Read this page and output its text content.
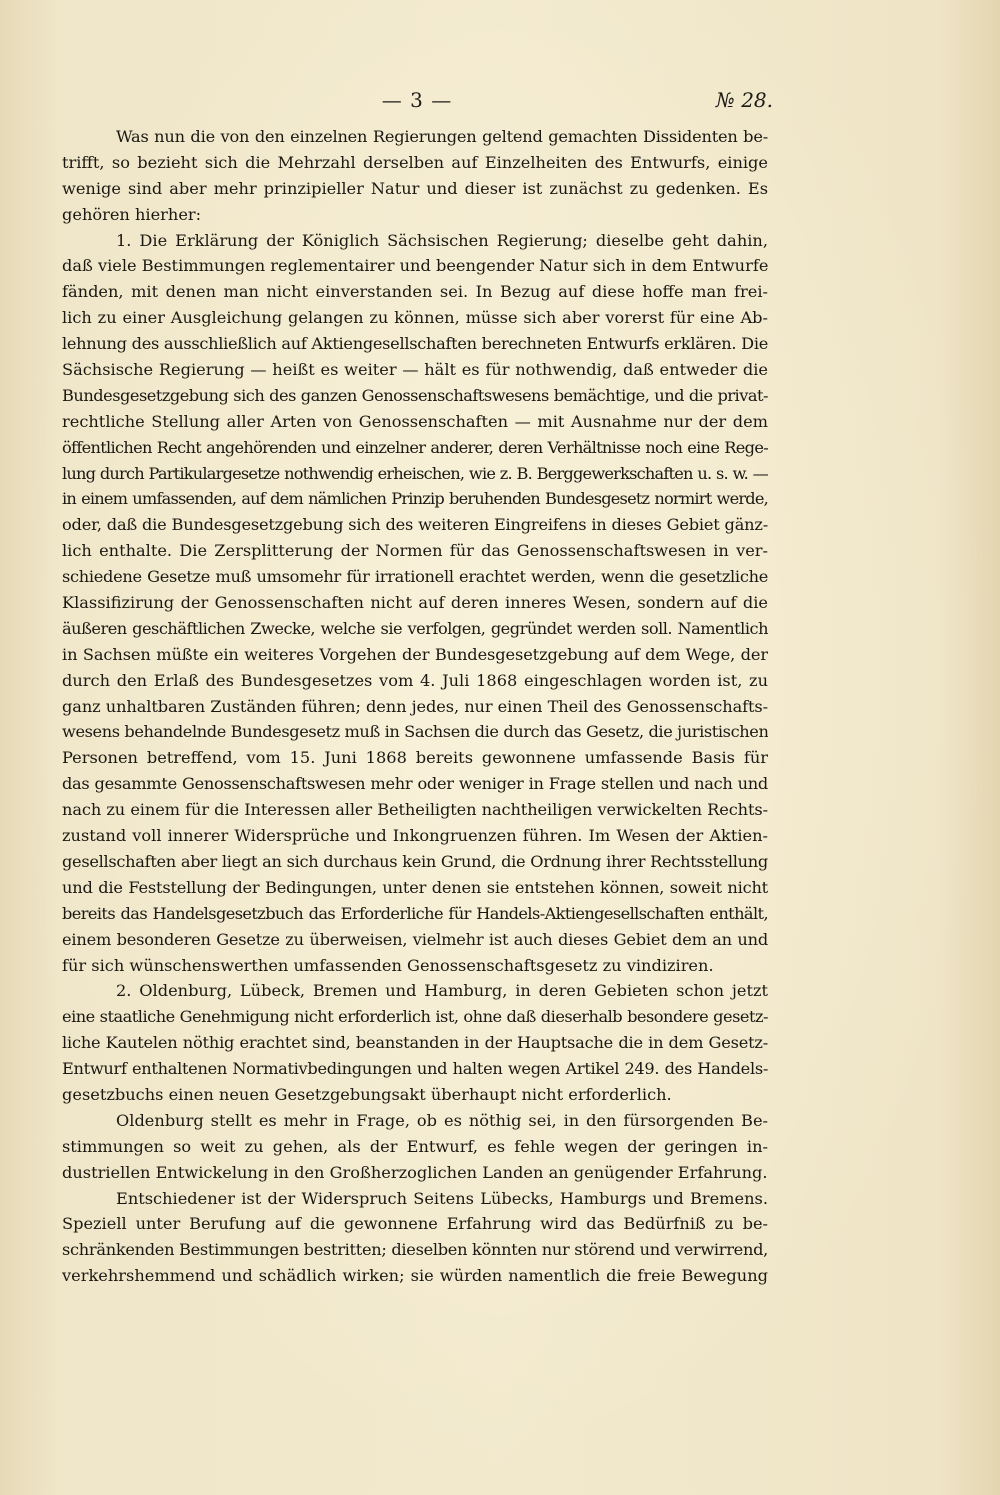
— 3 —	№ 28.
Was nun die von den einzelnen Regierungen geltend gemachten Dissidenten be-
trifft, so bezieht sich die Mehrzahl derselben auf Einzelheiten des Entwurfs, einige
wenige sind aber mehr prinzipieller Natur und dieser ist zunächst zu gedenken. Es
gehören hierher:
1. Die Erklärung der Königlich Sächsischen Regierung; dieselbe geht dahin,
daß viele Bestimmungen reglementairer und beengender Natur sich in dem Entwurfe
fänden, mit denen man nicht einverstanden sei. In Bezug auf diese hoffe man frei-
lich zu einer Ausgleichung gelangen zu können, müsse sich aber vorerst für eine Ab-
lehnung des ausschließlich auf Aktiengesellschaften berechneten Entwurfs erklären. Die
Sächsische Regierung — heißt es weiter — hält es für nothwendig, daß entweder die
Bundesgesetzgebung sich des ganzen Genossenschaftswesens bemächtige, und die privat-
rechtliche Stellung aller Arten von Genossenschaften — mit Ausnahme nur der dem
öffentlichen Recht angehörenden und einzelner anderer, deren Verhältnisse noch eine Rege-
lung durch Partikulargesetze nothwendig erheischen, wie z. B. Berggewerkschaften u. s. w. —
in einem umfassenden, auf dem nämlichen Prinzip beruhenden Bundesgesetz normirt werde,
oder, daß die Bundesgesetzgebung sich des weiteren Eingreifens in dieses Gebiet gänz-
lich enthalte. Die Zersplitterung der Normen für das Genossenschaftswesen in ver-
schiedene Gesetze muß umsomehr für irrationell erachtet werden, wenn die gesetzliche
Klassifizirung der Genossenschaften nicht auf deren inneres Wesen, sondern auf die
äußeren geschäftlichen Zwecke, welche sie verfolgen, gegründet werden soll. Namentlich
in Sachsen müßte ein weiteres Vorgehen der Bundesgesetzgebung auf dem Wege, der
durch den Erlaß des Bundesgesetzes vom 4. Juli 1868 eingeschlagen worden ist, zu
ganz unhaltbaren Zuständen führen; denn jedes, nur einen Theil des Genossenschafts-
wesens behandelnde Bundesgesetz muß in Sachsen die durch das Gesetz, die juristischen
Personen betreffend, vom 15. Juni 1868 bereits gewonnene umfassende Basis für
das gesammte Genossenschaftswesen mehr oder weniger in Frage stellen und nach und
nach zu einem für die Interessen aller Betheiligten nachtheiligen verwickelten Rechts-
zustand voll innerer Widersprüche und Inkongruenzen führen. Im Wesen der Aktien-
gesellschaften aber liegt an sich durchaus kein Grund, die Ordnung ihrer Rechtsstellung
und die Feststellung der Bedingungen, unter denen sie entstehen können, soweit nicht
bereits das Handelsgesetzbuch das Erforderliche für Handels-Aktiengesellschaften enthält,
einem besonderen Gesetze zu überweisen, vielmehr ist auch dieses Gebiet dem an und
für sich wünschenswerthen umfassenden Genossenschaftsgesetz zu vindiziren.
2. Oldenburg, Lübeck, Bremen und Hamburg, in deren Gebieten schon jetzt
eine staatliche Genehmigung nicht erforderlich ist, ohne daß dieserhalb besondere gesetz-
liche Kautelen nöthig erachtet sind, beanstanden in der Hauptsache die in dem Gesetz-
Entwurf enthaltenen Normativbedingungen und halten wegen Artikel 249. des Handels-
gesetzbuchs einen neuen Gesetzgebungsakt überhaupt nicht erforderlich.
Oldenburg stellt es mehr in Frage, ob es nöthig sei, in den fürsorgenden Be-
stimmungen so weit zu gehen, als der Entwurf, es fehle wegen der geringen in-
dustriellen Entwickelung in den Großherzoglichen Landen an genügender Erfahrung.
Entschiedener ist der Widerspruch Seitens Lübecks, Hamburgs und Bremens.
Speziell unter Berufung auf die gewonnene Erfahrung wird das Bedürfniß zu be-
schränkenden Bestimmungen bestritten; dieselben könnten nur störend und verwirrend,
verkehrshemmend und schädlich wirken; sie würden namentlich die freie Bewegung
